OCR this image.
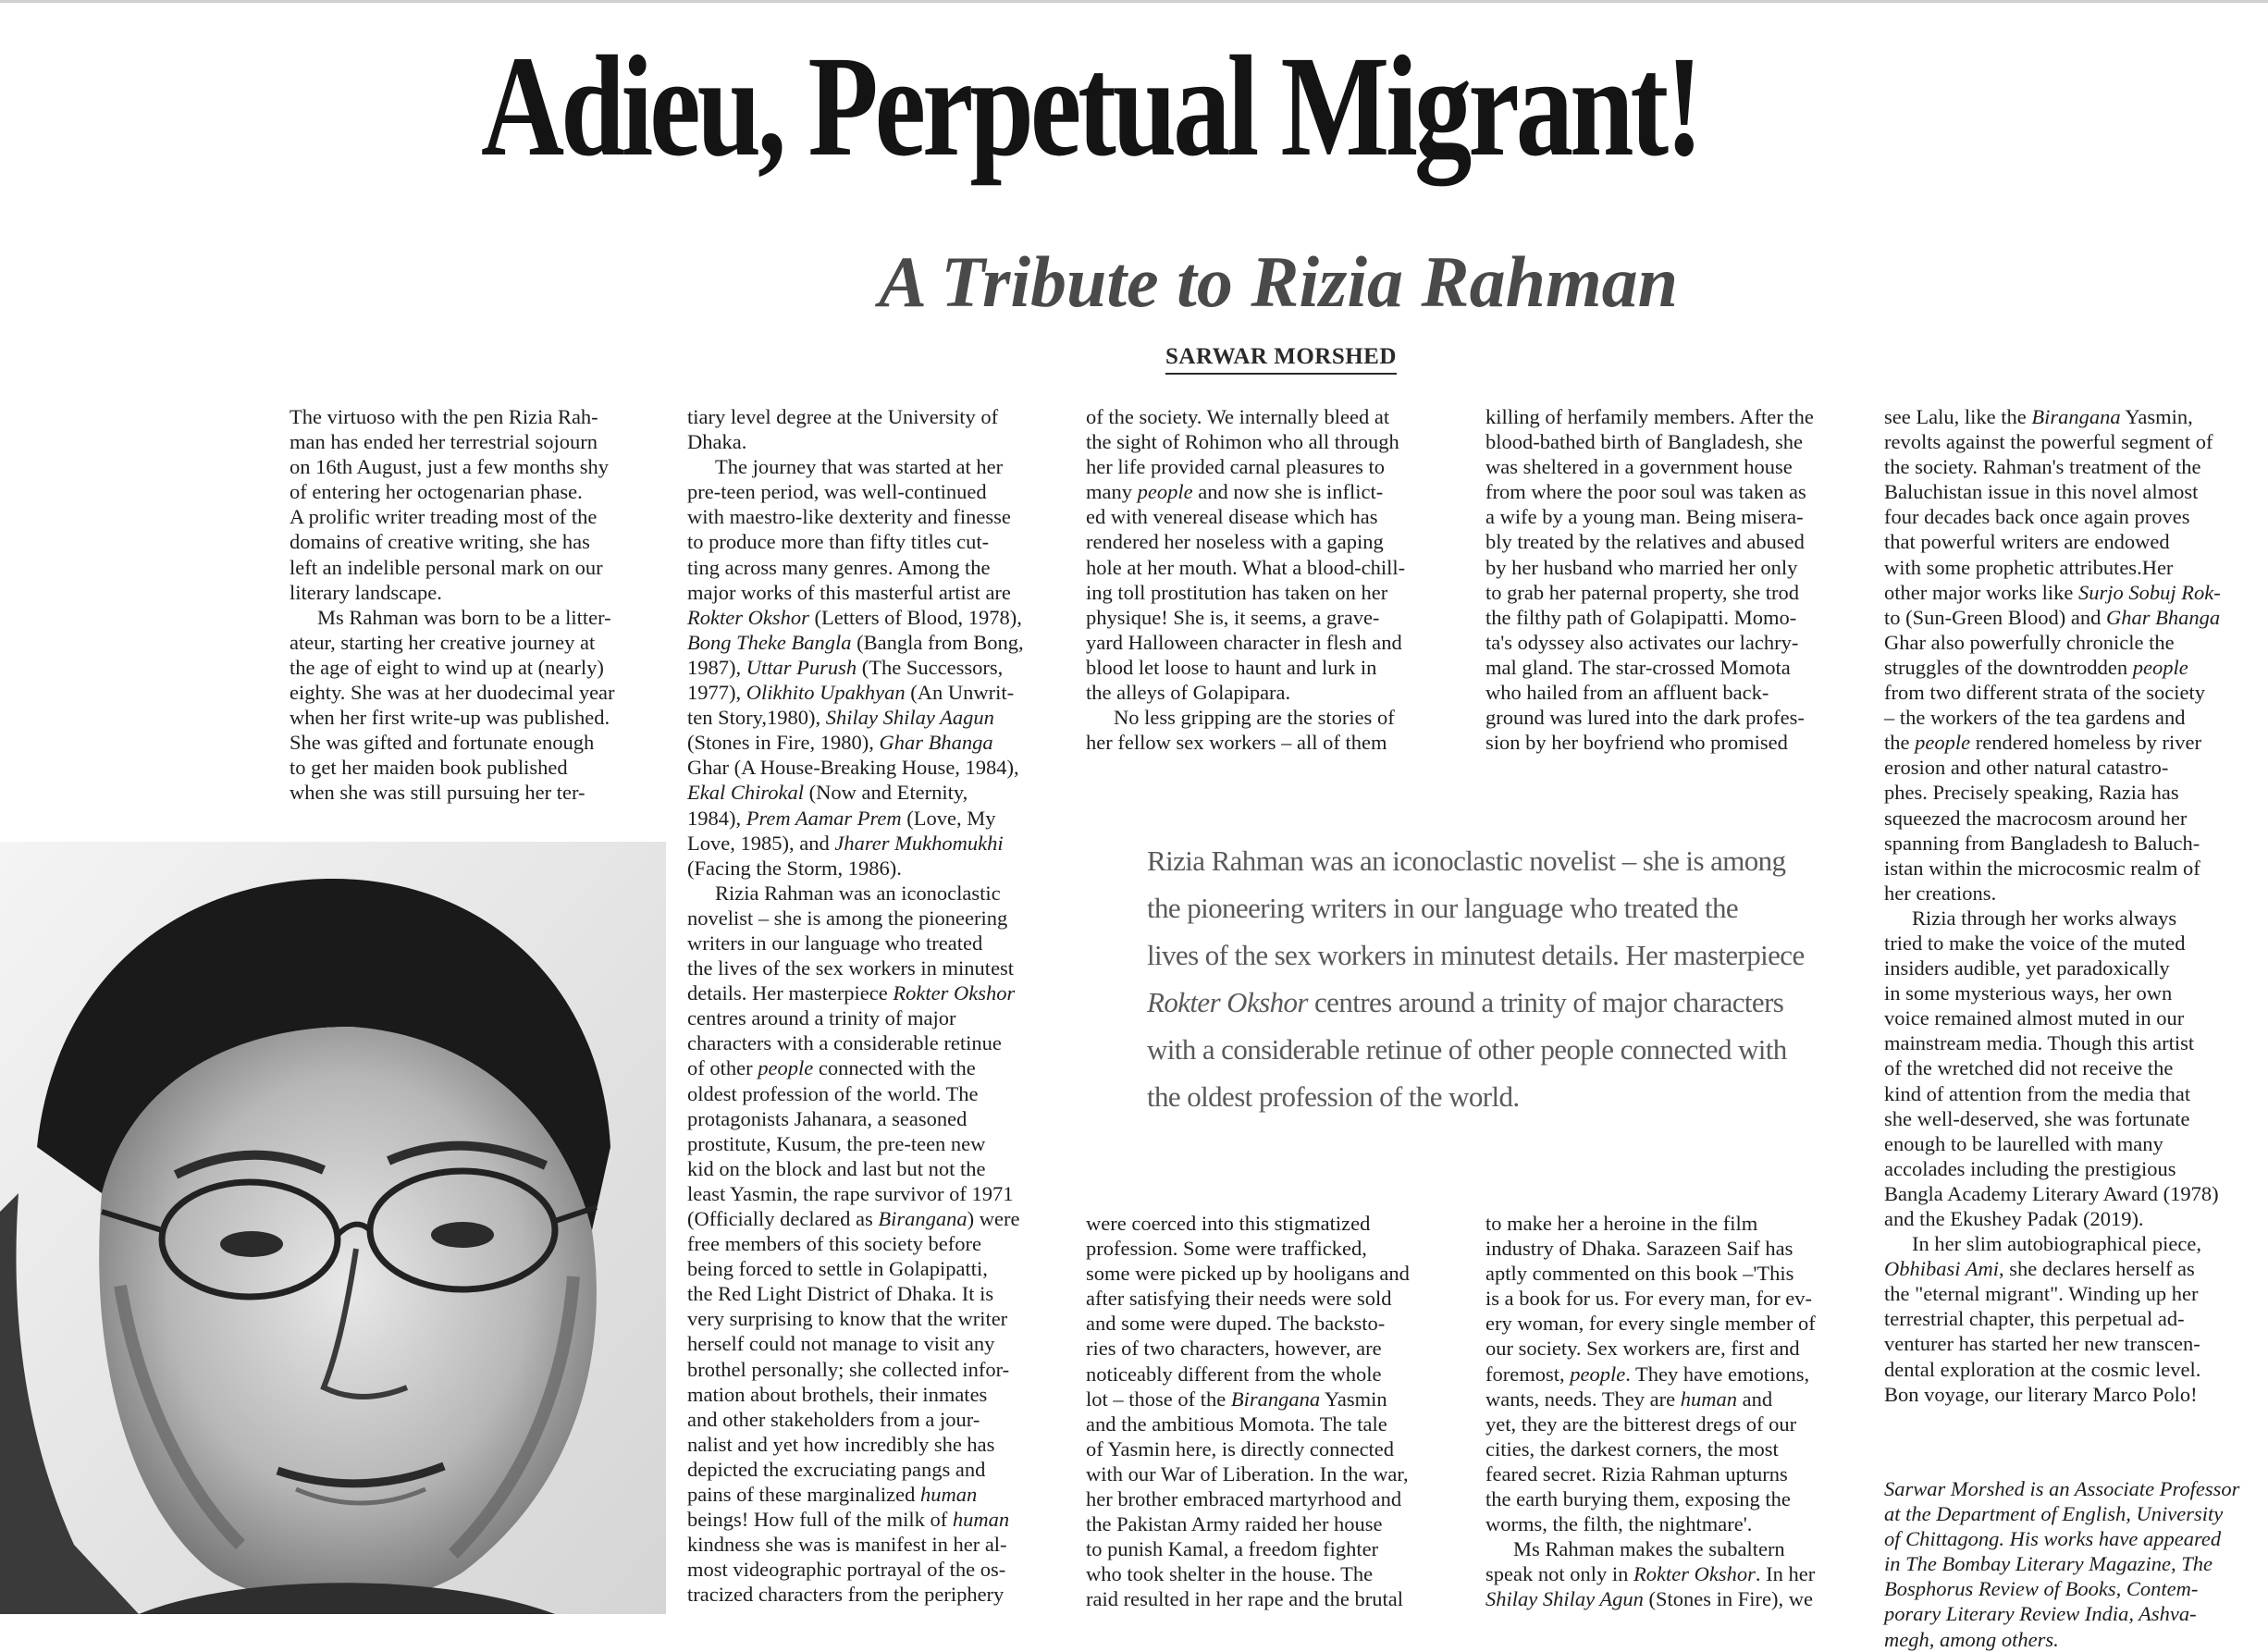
Adieu, Perpetual Migrant!
A Tribute to Rizia Rahman
SARWAR MORSHED

The virtuoso with the pen Rizia Rah-

man has ended her terrestrial sojourn

on 16th August, just a few months shy

of entering her octogenarian phase.

A prolific writer treading most of the

domains of creative writing, she has

left an indelible personal mark on our

literary landscape.

Ms Rahman was born to be a litter-

ateur, starting her creative journey at

the age of eight to wind up at (nearly)

eighty. She was at her duodecimal year

when her first write-up was published.

She was gifted and fortunate enough

to get her maiden book published

when she was still pursuing her ter-

tiary level degree at the University of

Dhaka.

The journey that was started at her

pre-teen period, was well-continued

with maestro-like dexterity and finesse

to produce more than fifty titles cut-

ting across many genres. Among the

major works of this masterful artist are

Rokter Okshor (Letters of Blood, 1978),

Bong Theke Bangla (Bangla from Bong,

1987), Uttar Purush (The Successors,

1977), Olikhito Upakhyan (An Unwrit-

ten Story,1980), Shilay Shilay Aagun

(Stones in Fire, 1980), Ghar Bhanga

Ghar (A House-Breaking House, 1984),

Ekal Chirokal (Now and Eternity,

1984), Prem Aamar Prem (Love, My

Love, 1985), and Jharer Mukhomukhi

(Facing the Storm, 1986).

Rizia Rahman was an iconoclastic

novelist – she is among the pioneering

writers in our language who treated

the lives of the sex workers in minutest

details. Her masterpiece Rokter Okshor

centres around a trinity of major

characters with a considerable retinue

of other people connected with the

oldest profession of the world. The

protagonists Jahanara, a seasoned

prostitute, Kusum, the pre-teen new

kid on the block and last but not the

least Yasmin, the rape survivor of 1971

(Officially declared as Birangana) were

free members of this society before

being forced to settle in Golapipatti,

the Red Light District of Dhaka. It is

very surprising to know that the writer

herself could not manage to visit any

brothel personally; she collected infor-

mation about brothels, their inmates

and other stakeholders from a jour-

nalist and yet how incredibly she has

depicted the excruciating pangs and

pains of these marginalized human

beings! How full of the milk of human

kindness she was is manifest in her al-

most videographic portrayal of the os-

tracized characters from the periphery

of the society. We internally bleed at

the sight of Rohimon who all through

her life provided carnal pleasures to

many people and now she is inflict-

ed with venereal disease which has

rendered her noseless with a gaping

hole at her mouth. What a blood-chill-

ing toll prostitution has taken on her

physique! She is, it seems, a grave-

yard Halloween character in flesh and

blood let loose to haunt and lurk in

the alleys of Golapipara.

No less gripping are the stories of

her fellow sex workers – all of them

killing of herfamily members. After the

blood-bathed birth of Bangladesh, she

was sheltered in a government house

from where the poor soul was taken as

a wife by a young man. Being misera-

bly treated by the relatives and abused

by her husband who married her only

to grab her paternal property, she trod

the filthy path of Golapipatti. Momo-

ta's odyssey also activates our lachry-

mal gland. The star-crossed Momota

who hailed from an affluent back-

ground was lured into the dark profes-

sion by her boyfriend who promised

see Lalu, like the Birangana Yasmin,

revolts against the powerful segment of

the society. Rahman's treatment of the

Baluchistan issue in this novel almost

four decades back once again proves

that powerful writers are endowed

with some prophetic attributes.Her

other major works like Surjo Sobuj Rok-

to (Sun-Green Blood) and Ghar Bhanga

Ghar also powerfully chronicle the

struggles of the downtrodden people

from two different strata of the society

– the workers of the tea gardens and

the people rendered homeless by river

erosion and other natural catastro-

phes. Precisely speaking, Razia has

squeezed the macrocosm around her

spanning from Bangladesh to Baluch-

istan within the microcosmic realm of

her creations.

Rizia through her works always

tried to make the voice of the muted

insiders audible, yet paradoxically

in some mysterious ways, her own

voice remained almost muted in our

mainstream media. Though this artist

of the wretched did not receive the

kind of attention from the media that

she well-deserved, she was fortunate

enough to be laurelled with many

accolades including the prestigious

Bangla Academy Literary Award (1978)

and the Ekushey Padak (2019).

In her slim autobiographical piece,

Obhibasi Ami, she declares herself as

the "eternal migrant". Winding up her

terrestrial chapter, this perpetual ad-

venturer has started her new transcen-

dental exploration at the cosmic level.

Bon voyage, our literary Marco Polo!

were coerced into this stigmatized

profession. Some were trafficked,

some were picked up by hooligans and

after satisfying their needs were sold

and some were duped. The backsto-

ries of two characters, however, are

noticeably different from the whole

lot – those of the Birangana Yasmin

and the ambitious Momota. The tale

of Yasmin here, is directly connected

with our War of Liberation. In the war,

her brother embraced martyrhood and

the Pakistan Army raided her house

to punish Kamal, a freedom fighter

who took shelter in the house. The

raid resulted in her rape and the brutal

to make her a heroine in the film

industry of Dhaka. Sarazeen Saif has

aptly commented on this book –'This

is a book for us. For every man, for ev-

ery woman, for every single member of

our society. Sex workers are, first and

foremost, people. They have emotions,

wants, needs. They are human and

yet, they are the bitterest dregs of our

cities, the darkest corners, the most

feared secret. Rizia Rahman upturns

the earth burying them, exposing the

worms, the filth, the nightmare'.

Ms Rahman makes the subaltern

speak not only in Rokter Okshor. In her

Shilay Shilay Agun (Stones in Fire), we

Sarwar Morshed is an Associate Professor

at the Department of English, University

of Chittagong. His works have appeared

in The Bombay Literary Magazine, The

Bosphorus Review of Books, Contem-

porary Literary Review India, Ashva-

megh, among others.

Rizia Rahman was an iconoclastic novelist – she is among
the pioneering writers in our language who treated the
lives of the sex workers in minutest details. Her masterpiece
Rokter Okshor centres around a trinity of major characters
with a considerable retinue of other people connected with
the oldest profession of the world.
